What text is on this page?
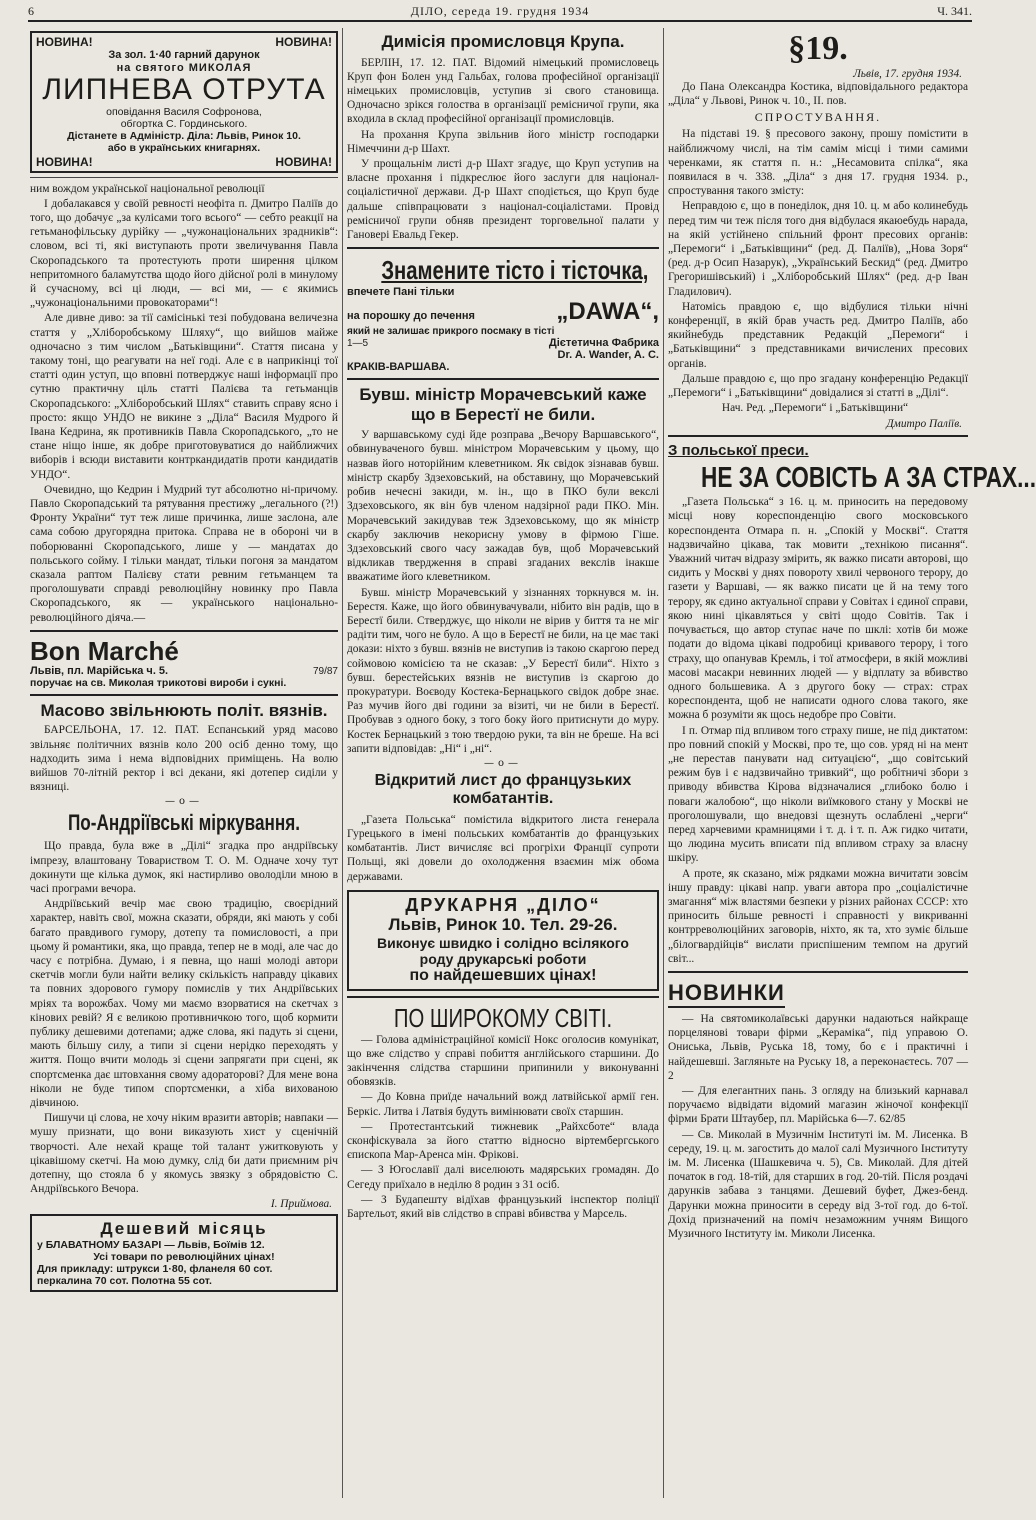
6	ДІЛО, середа 19. грудня 1934	Ч. 341.
НОВИНА!	НОВИНА!
За зол. 1·40 гарний дарунок
на святого МИКОЛАЯ
ЛИПНЕВА ОТРУТА
оповідання Василя Софронова,
обгортка С. Гординського.
Дістанете в Адміністр. Діла: Львів, Ринок 10.
або в українських книгарнях.
НОВИНА!	НОВИНА!

ним вождом української національної революції

І добалакався у своїй ревності неофіта п. Дмитро Паліїв до того, що добачує „за кулісами того всього“ — себто реакції на гетьманофільську дурійку — „чужонаціональних зрадників“: словом, всі ті, які виступають проти звеличування Павла Скоропадського та протестують проти ширення цілком непритомного баламутства щодо його дійсної ролі в минулому й сучасному, всі ці люди, — всі ми, — є якимись „чужонаціональними провокаторами“!

Але дивне диво: за тії самісінькі тезі побудована величезна стаття у „Хліборобському Шляху“, що вийшов майже одночасно з тим числом „Батьківщини“. Стаття писана у такому тоні, що реагувати на неї годі. Але є в наприкінці тої статті один уступ, що вповні потверджує наші інформації про сутню практичну ціль статті Палієва та гетьманців Скоропадського: „Хліборобський Шлях“ ставить справу ясно і просто: якщо УНДО не викине з „Діла“ Василя Мудрого й Івана Кедрина, як противників Павла Скоропадського, „то не стане ніщо інше, як добре приготовуватися до найближчих виборів і всюди виставити контркандидатів проти кандидатів УНДО“.

Очевидно, що Кедрин і Мудрий тут абсолютно ні-причому. Павло Скоропадський та рятування престижу „легального (?!) Фронту України“ тут теж лише причинка, лише заслона, але сама собою другорядна притока. Справа не в обороні чи в поборюванні Скоропадського, лише у — мандатах до польського сойму. І тільки мандат, тільки погоня за мандатом сказала раптом Палієву стати ревним гетьманцем та проголошувати справді революційну новинку про Павла Скоропадського, як — українського національно-революційного діяча.—

Bon Marché
Львів, пл. Марійська ч. 5.	79/87
поручає на св. Миколая трикотові вироби і сукні.
Масово звільнюють політ. вязнів.

БАРСЕЛЬОНА, 17. 12. ПАТ. Еспанський уряд масово звільняє політичних вязнів коло 200 осіб денно тому, що надходить зима і нема відповідних приміщень. На волю вийшов 70-літній ректор і всі декани, які дотепер сиділи у вязниці.

—о—
По-Андріївські міркування.

Що правда, була вже в „Ділі“ згадка про андріївську імпрезу, влаштовану Товариством Т. О. М. Одначе хочу тут докинути ще кілька думок, які настирливо оволоділи мною в часі програми вечора.

Андріївський вечір має свою традицію, своєрідний характер, навіть свої, можна сказати, обряди, які мають у собі багато правдивого гумору, дотепу та помисловості, а при цьому й романтики, яка, що правда, тепер не в моді, але час до часу є потрібна. Думаю, і я певна, що наші молоді автори скетчів могли були найти велику скількість направду цікавих та повних здорового гумору помислів у тих Андріївських мріях та ворожбах. Чому ми маємо взорватися на скетчах з кінових ревій? Я є великою противничкою того, щоб кормити публику дешевими дотепами; адже слова, які падуть зі сцени, мають більшу силу, а типи зі сцени нерідко переходять у життя. Пощо вчити молодь зі сцени запрягати при сцені, як спортсменка дає штовхання свому адораторові? Для мене вона ніколи не буде типом спортсменки, а хіба вихованою дівчиною.

Пишучи ці слова, не хочу ніким вразити авторів; навпаки — мушу признати, що вони виказують хист у сценічній творчості. Але нехай краще той талант ужитковують у цікавішому скетчі. На мою думку, слід би дати приємним річ дотепну, що стояла б у якомусь звязку з обрядовістю С. Андріївського Вечора.

І. Приймова.
Дешевий місяць
у БЛАВАТНОМУ БАЗАРІ — Львів, Боїмів 12.
Усі товари по революційних цінах!
Для прикладу: штрукси 1·80, фланеля 60 сот.
перкалина 70 сот. Полотна 55 сот.
Димісія промисловця Крупа.

БЕРЛІН, 17. 12. ПАТ. Відомий німецький промисловець Круп фон Болен унд Гальбах, голова професійної організації німецьких промисловців, уступив зі свого становища. Одночасно зрікся голоства в організації ремісничої групи, яка входила в склад професійної організації промисловців.

На прохання Крупа звільнив його міністр господарки Німеччини д-р Шахт.

У прощальнім листі д-р Шахт згадує, що Круп уступив на власне прохання і підкреслює його заслуги для націонал-соціалістичної держави. Д-р Шахт сподіється, що Круп буде дальше співпрацювати з націонал-соціалістами. Провід ремісничої групи обняв президент торговельної палати у Гановері Евальд Гекер.

Знамените тісто і тісточка,
впечете Пані тільки
на порошку до печення	„DAWA“,
який не залишає прикрого посмаку в тісті
1—5	Дієтетична Фабрика
Dr. A. Wander, A. C.
КРАКІВ-ВАРШАВА.
Бувш. міністр Морачевський каже що в Берестї не били.

У варшавському суді йде розправа „Вечору Варшавського“, обвинуваченого бувш. міністром Морачевським у цьому, що назвав його нотоpійним клеветником. Як свідок зізнавав бувш. міністр скарбу Здзеховський, на обставину, що Морачевський робив нечесні закиди, м. ін., що в ПКО були векслі Здзеховського, як він був членом надзірної ради ПКО. Мін. Морачевський закидував теж Здзеховському, що як міністр скарбу заключив некорисну умову в фірмою Гіше. Здзеховський свого часу зажадав був, щоб Морачевський відкликав твердження в справі згаданих векслів інакше вважатиме його клеветником.

Бувш. міністр Морачевський у зізнаннях торкнувся м. ін. Берестя. Каже, що його обвинувачували, нібито він радів, що в Берестї били. Стверджує, що ніколи не вірив у биття та не міг радіти тим, чого не було. А що в Берестї не били, на це має такі докази: ніхто з бувш. вязнів не виступив із такою скаргою перед соймовою комісією та не сказав: „У Берестї били“. Ніхто з бувш. берестейських вязнів не виступив із скаргою до прокуратури. Воєводу Костека-Бернацького свідок добре знає. Раз мучив його дві години за візиті, чи не били в Берестї. Пробував з одного боку, з того боку його притиснути до муру. Костек Бернацький з тою твердою руки, та він не бреше. На всі запити відповідав: „Ні“ і „ні“.

—о—
Відкритий лист до французьких комбатантів.

„Газета Польська“ помістила відкритого листа генерала Гурецького в імені польських комбатантів до французьких комбатантів. Лист вичисляє всі прогріхи Франції супроти Польщі, які довели до охолодження взаємин між обома державами.

ДРУКАРНЯ „ДІЛО“
Львів, Ринок 10. Тел. 29-26.
Виконує швидко і солідно всілякого
роду друкарські роботи
по найдешевших цінах!
ПО ШИРОКОМУ СВІТІ.

— Голова адміністраційної комісії Нокс оголосив комунікат, що вже слідство у справі побиття англійського старшини. До закінчення слідства старшини припинили у виконуванні обовязків.

— До Ковна приїде начальний вожд латвійської армії ген. Беркіс. Литва і Латвія будуть вимінювати своїх старшин.

— Протестантський тижневик „Райхсботе“ влада сконфіскувала за його статтю відносно віртембергського єпископа Мар-Аренса мін. Фрікові.

— З Югославії далі виселюють мадярських громадян. До Сегеду приїхало в неділю 8 родин з 31 осіб.

— З Будапешту відїхав французький інспектор поліції Бартельот, який вів слідство в справі вбивства у Марсель.

§19.
Львів, 17. грудня 1934.

До Пана Олександра Костика, відповідального редактора „Діла“ у Львові, Ринок ч. 10., II. пов.

СПРОСТУВАННЯ.

На підставі 19. § пресового закону, прошу помістити в найближчому числі, на тім самім місці і тими самими черенками, як стаття п. н.: „Несамовита спілка“, яка появилася в ч. 338. „Діла“ з дня 17. грудня 1934. р., спростування такого змісту:

Неправдою є, що в понеділок, дня 10. ц. м або колинебудь перед тим чи теж після того дня відбулася якаюебудь нарада, на якій устійнено спільний фронт пресових органів: „Перемоги“ і „Батьківщини“ (ред. Д. Паліїв), „Нова Зоря“ (ред. д-р Осип Назарук), „Український Бескид“ (ред. Дмитро Грегоришівський) і „Хліборобський Шлях“ (ред. д-р Іван Гладилович).

Натомісь правдою є, що відбулися тільки нічні конференції, в якій брав участь ред. Дмитро Паліїв, або якийнебудь представник Редакцій „Перемоги“ і „Батьківщини“ з представниками вичислених пресових органів.

Дальше правдою є, що про згадану конференцію Редакції „Перемоги“ і „Батьківщини“ довідалися зі статті в „Ділі“.

Нач. Ред. „Перемоги“ і „Батьківщини“
Дмитро Паліїв.
З польської преси.
НЕ ЗА СОВІСТЬ А ЗА СТРАХ...

„Газета Польська“ з 16. ц. м. приносить на передовому місці нову кореспонденцію свого московського кореспондента Отмара п. н. „Спокій у Москві“. Стаття надзвичайно цікава, так мовити „технікою писання“. Уважний читач відразу змірить, як важко писати авторові, що сидить у Москві у днях повороту хвилі червоного терору, до газети у Варшаві, — як важко писати це й на тему того терору, як єдино актуальної справи у Совітах і єдиної справи, якою нині цікавляться у світі щодо Совітів. Так і почувається, що автор ступає наче по шклі: хотів би може подати до відома цікаві подробиці кривавого терору, і того страху, що опанував Кремль, і тої атмосфери, в якій можливі масові масакри невинних людей — у відплату за вбивство одного большевика. А з другого боку — страх: страх кореспондента, щоб не написати одного слова такого, яке можна б розуміти як щось недобре про Совіти.

І п. Отмар під впливом того страху пише, не під диктатом: про повний спокій у Москві, про те, що сов. уряд ні на мент „не перестав панувати над ситуацією“, „що совітський режим був і є надзвичайно тривкий“, що робітничі збори з приводу вбивства Кірова відзначалися „глибоко болю і поваги жалобою“, що ніколи виїмкового стану у Москві не проголошували, що внедовзі щезнуть ослаблені „черги“ перед харчевими крамницями і т. д. і т. п. Аж гидко читати, що людина мусить вписати під впливом страху за власну шкіру.

А проте, як сказано, між рядками можна вичитати зовсім іншу правду: цікаві напр. уваги автора про „соціалістичне змагання“ між властями безпеки у різних районах СССР: хто приносить більше ревності і справності у викриванні контрреволюційних заговорів, ніхто, як та, хто зуміє більше „білогвардійців“ вислати приспішеним темпом на другий світ...

НОВИНКИ

— На святомиколаївські дарунки надаються найкраще порцелянові товари фірми „Кераміка“, під управою О. Ониська, Львів, Руська 18, тому, бо є і практичні і найдешевші. Загляньте на Руську 18, а переконаєтесь. 707 — 2

— Для елегантних пань. З огляду на близький карнавал поручаємо відвідати відомий магазин жіночої конфекції фірми Брати Штаубер, пл. Марійська 6—7. 62/85

— Св. Миколай в Музичнім Інституті ім. М. Лисенка. В середу, 19. ц. м. загостить до малої салі Музичного Інституту ім. М. Лисенка (Шашкевича ч. 5), Св. Миколай. Для дітей початок в год. 18-тій, для старших в год. 20-тій. Після роздачі дарунків забава з танцями. Дешевий буфет, Джез-бенд. Дарунки можна приносити в середу від 3-тої год. до 6-тої. Дохід призначений на поміч незаможним учням Вищого Музичного Інституту ім. Миколи Лисенка.
